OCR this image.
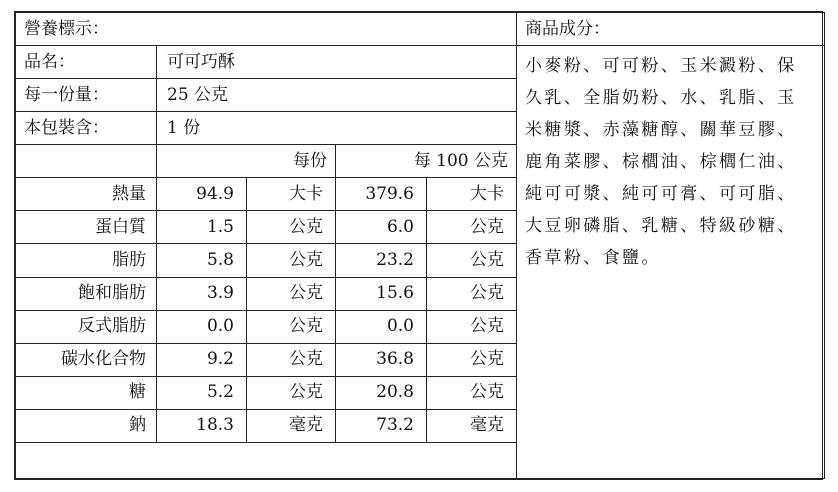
營養標示：					商品成分：
品名：	可可巧酥				小麥粉、可可粉、玉米澱粉、保久乳、全脂奶粉、水、乳脂、玉米糖漿、赤藻糖醇、關華豆膠、鹿角菜膠、棕櫚油、棕櫚仁油、純可可漿、純可可膏、可可脂、大豆卵磷脂、乳糖、特級砂糖、香草粉、食鹽。

每一份量：	25 公克				
本包裝含：	1 份				
	每份		每 100 公克		
熱量	94.9	大卡	379.6	大卡	
蛋白質	1.5	公克	6.0	公克	
脂肪	5.8	公克	23.2	公克	
飽和脂肪	3.9	公克	15.6	公克	
反式脂肪	0.0	公克	0.0	公克	
碳水化合物	9.2	公克	36.8	公克	
糖	5.2	公克	20.8	公克	
鈉	18.3	毫克	73.2	毫克	
